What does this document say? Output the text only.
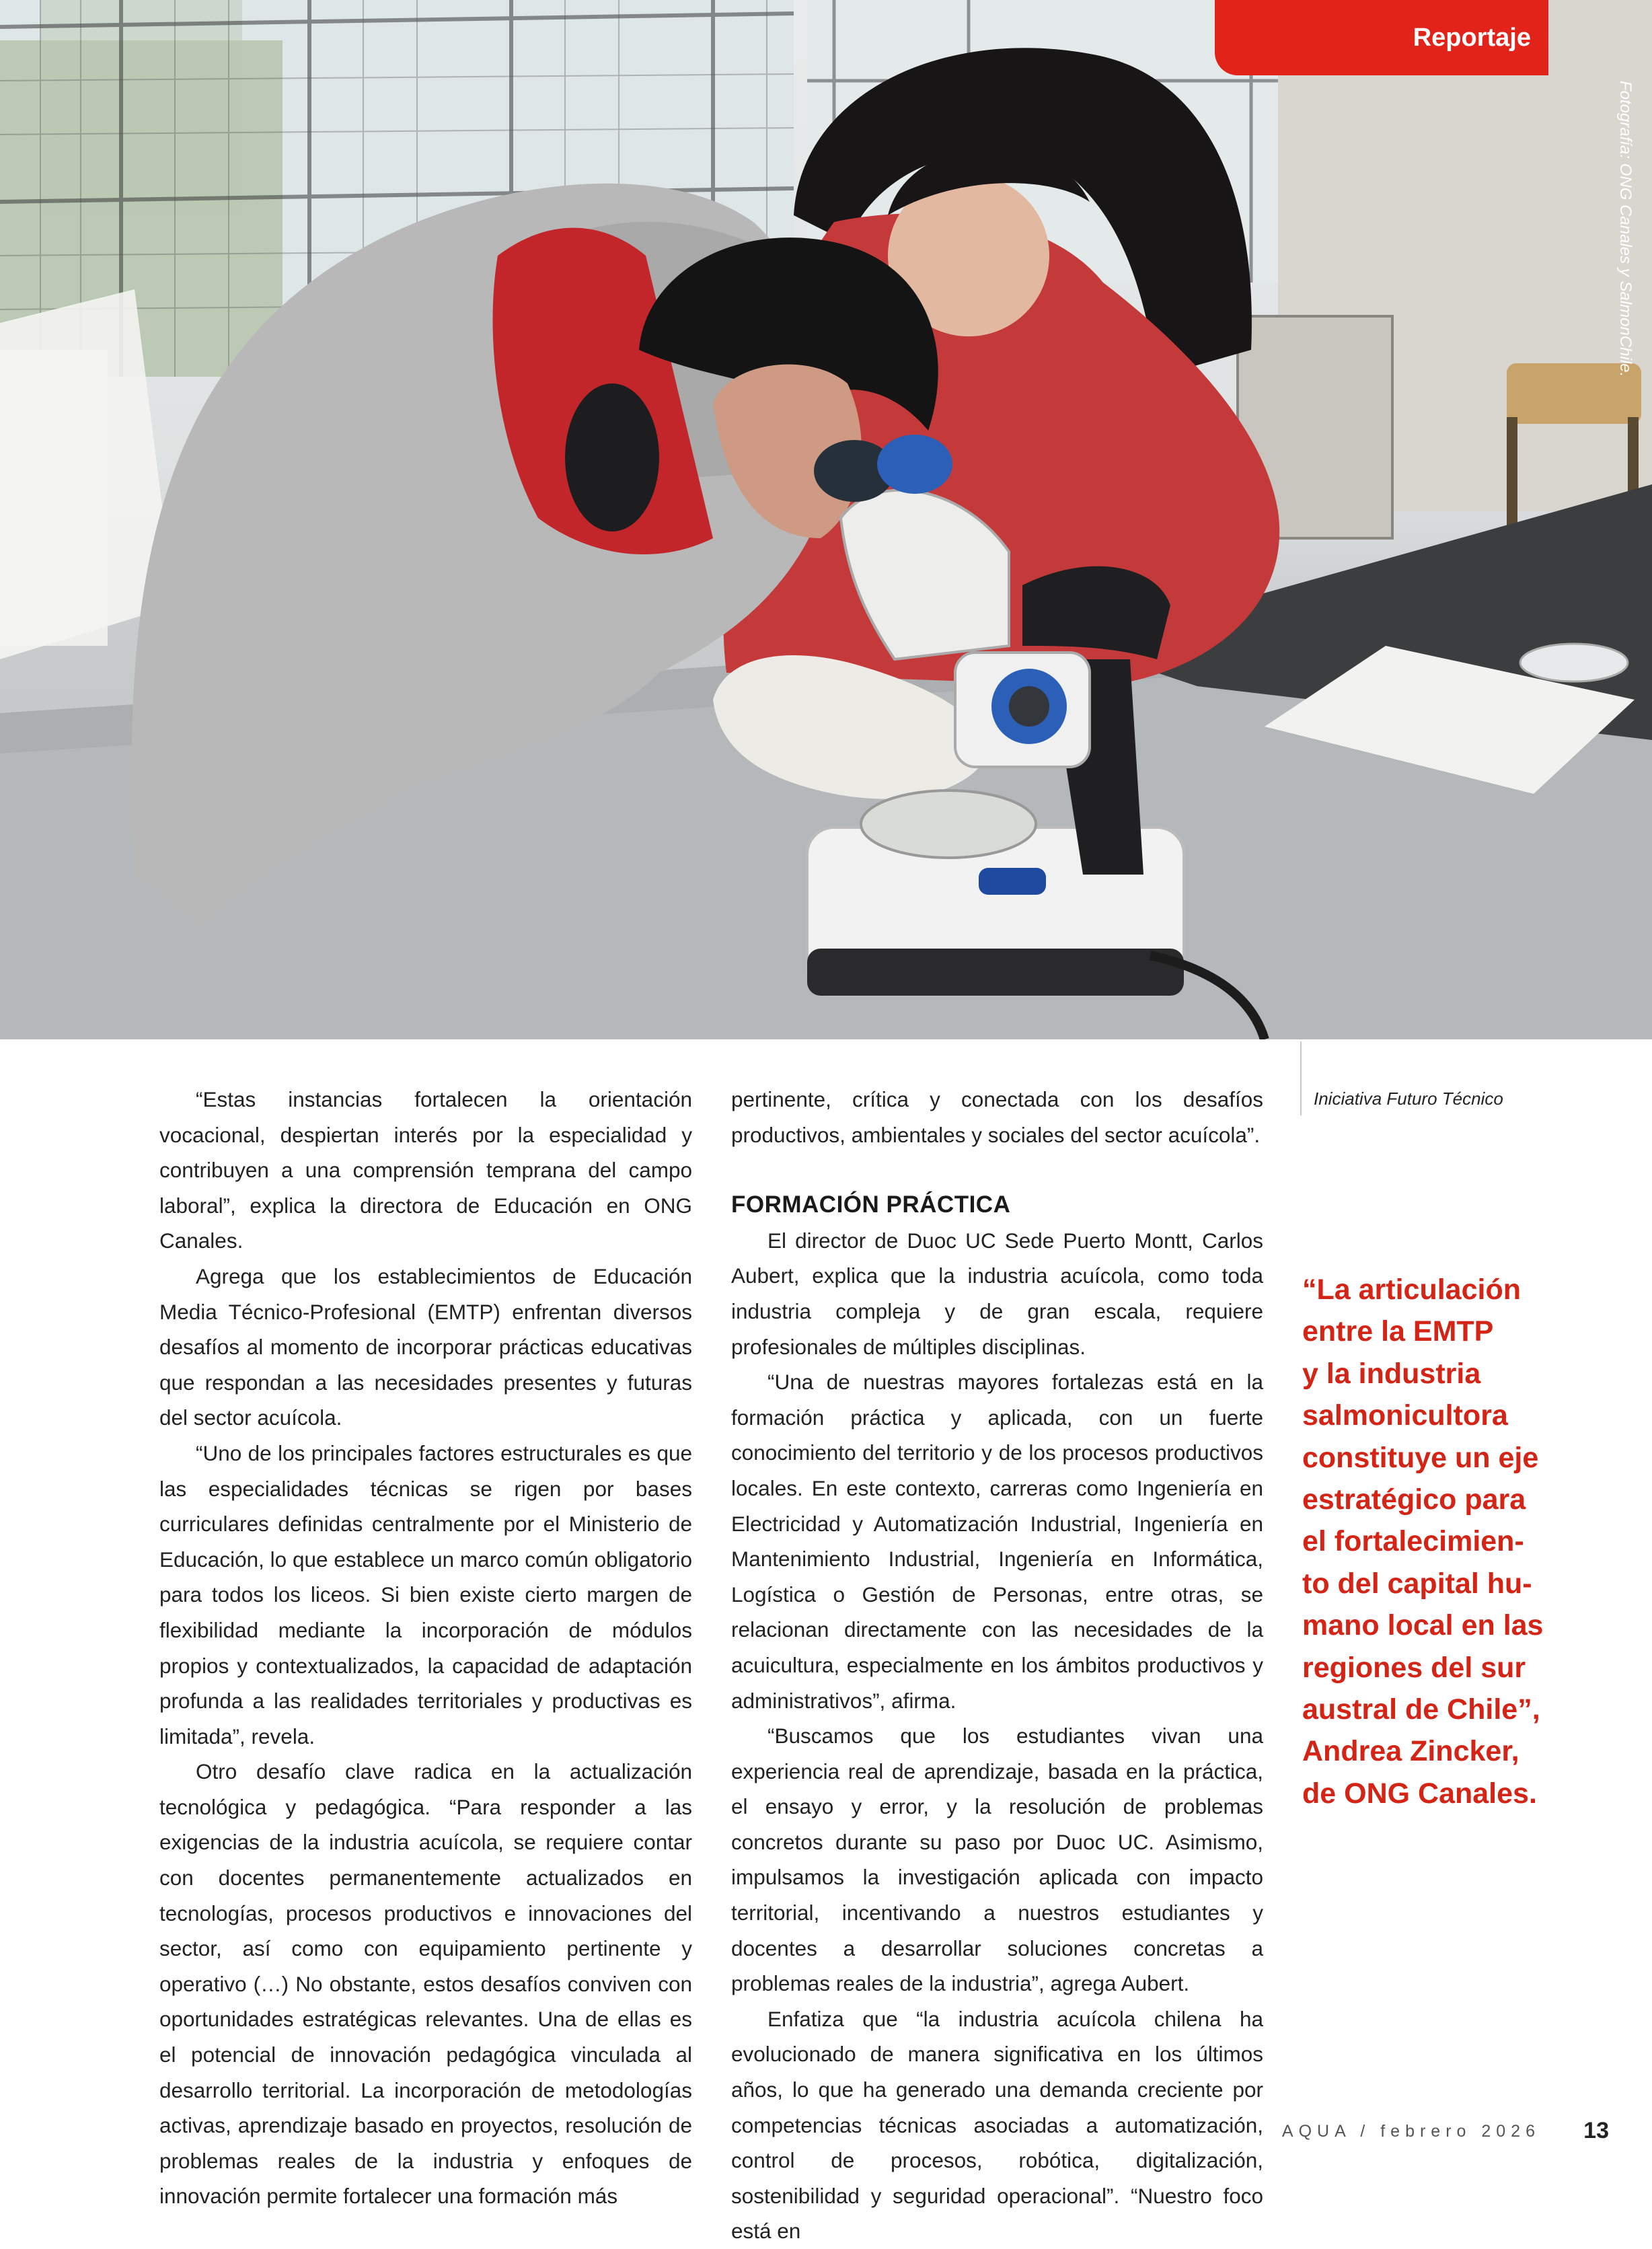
Reportaje
Fotografía: ONG Canales y SalmonChile.

“Estas instancias fortalecen la orientación vocacional, despiertan interés por la especialidad y contribuyen a una comprensión temprana del campo laboral”, explica la directora de Educación en ONG Canales.

Agrega que los establecimientos de Educación Media Técnico-Profesional (EMTP) enfrentan diversos desafíos al momento de incorporar prácticas educativas que respondan a las necesidades presentes y futuras del sector acuícola.

“Uno de los principales factores estructurales es que las especialidades técnicas se rigen por bases curriculares definidas centralmente por el Ministerio de Educación, lo que establece un marco común obligatorio para todos los liceos. Si bien existe cierto margen de flexibilidad mediante la incorporación de módulos propios y contextualizados, la capacidad de adaptación profunda a las realidades territoriales y productivas es limitada”, revela.

Otro desafío clave radica en la actualización tecnológica y pedagógica. “Para responder a las exigencias de la industria acuícola, se requiere contar con docentes permanentemente actualizados en tecnologías, procesos productivos e innovaciones del sector, así como con equipamiento pertinente y operativo (…) No obstante, estos desafíos conviven con oportunidades estratégicas relevantes. Una de ellas es el potencial de innovación pedagógica vinculada al desarrollo territorial. La incorporación de metodologías activas, aprendizaje basado en proyectos, resolución de problemas reales de la industria y enfoques de innovación permite fortalecer una formación más

pertinente, crítica y conectada con los desafíos productivos, ambientales y sociales del sector acuícola”.

FORMACIÓN PRÁCTICA

El director de Duoc UC Sede Puerto Montt, Carlos Aubert, explica que la industria acuícola, como toda industria compleja y de gran escala, requiere profesionales de múltiples disciplinas.

“Una de nuestras mayores fortalezas está en la formación práctica y aplicada, con un fuerte conocimiento del territorio y de los procesos productivos locales. En este contexto, carreras como Ingeniería en Electricidad y Automatización Industrial, Ingeniería en Mantenimiento Industrial, Ingeniería en Informática, Logística o Gestión de Personas, entre otras, se relacionan directamente con las necesidades de la acuicultura, especialmente en los ámbitos productivos y administrativos”, afirma.

“Buscamos que los estudiantes vivan una experiencia real de aprendizaje, basada en la práctica, el ensayo y error, y la resolución de problemas concretos durante su paso por Duoc UC. Asimismo, impulsamos la investigación aplicada con impacto territorial, incentivando a nuestros estudiantes y docentes a desarrollar soluciones concretas a problemas reales de la industria”, agrega Aubert.

Enfatiza que “la industria acuícola chilena ha evolucionado de manera significativa en los últimos años, lo que ha generado una demanda creciente por competencias técnicas asociadas a automatización, control de procesos, robótica, digitalización, sostenibilidad y seguridad operacional”. “Nuestro foco está en

Iniciativa Futuro Técnico
“La articulación
entre la EMTP
y la industria
salmonicultora
constituye un eje
estratégico para
el fortalecimien-
to del capital hu-
mano local en las
regiones del sur
austral de Chile”,
Andrea Zincker,
de ONG Canales.
AQUA / febrero 2026 13
